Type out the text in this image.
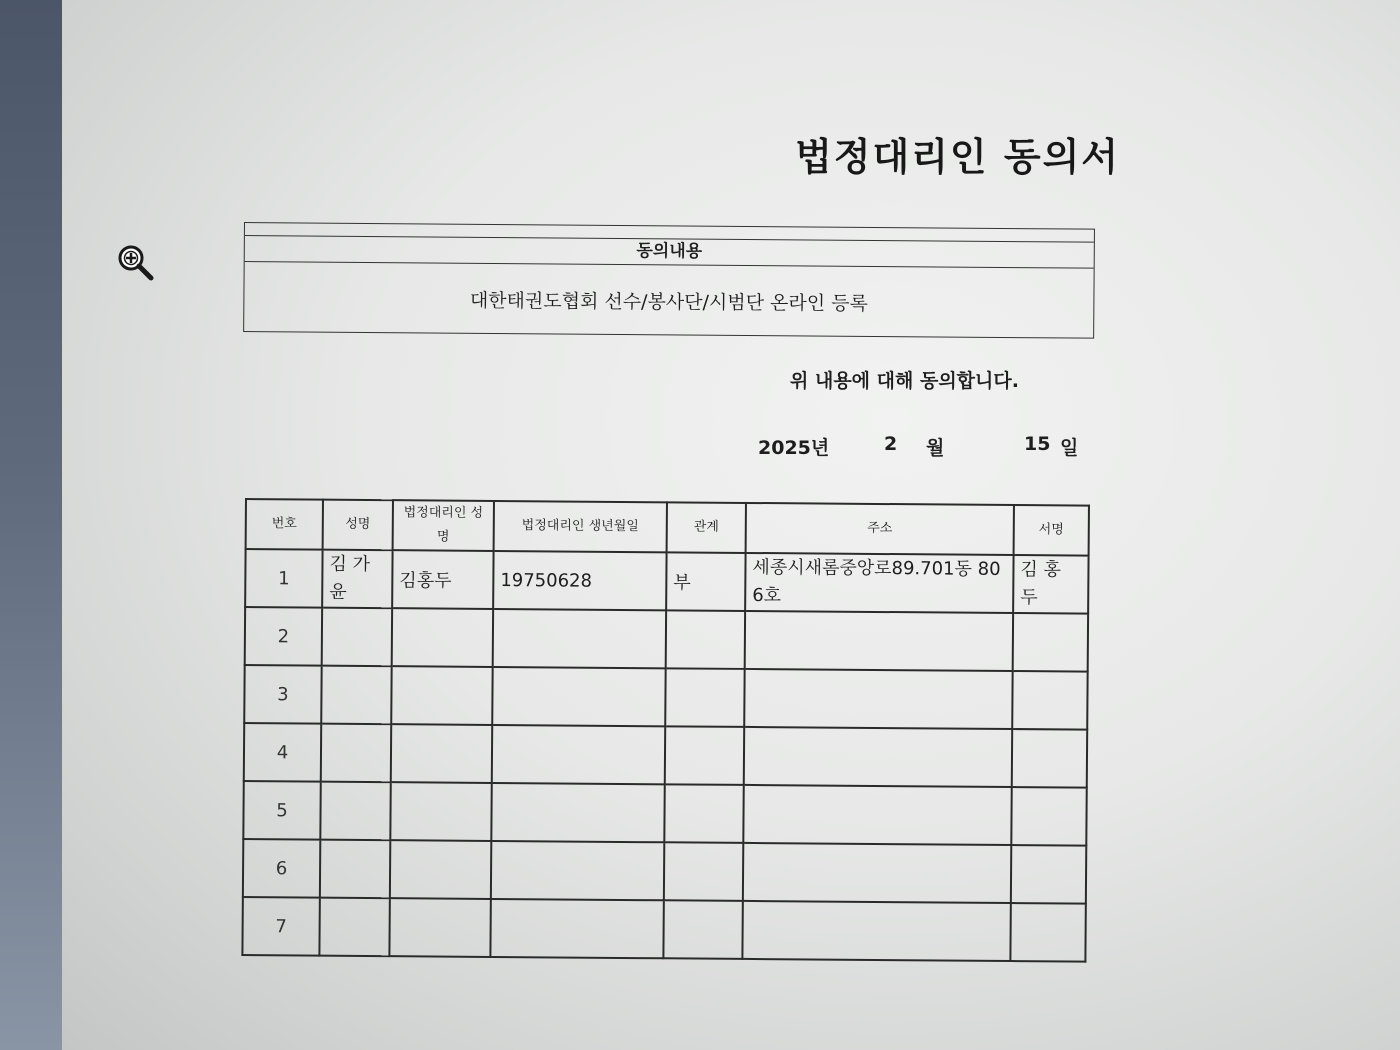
법정대리인 동의서
동의내용
대한태권도협회 선수/봉사단/시범단 온라인 등록
위 내용에 대해 동의합니다.
2025년	2 월	15 일
번호	성명	법정대리인 성명	법정대리인 생년월일	관계	주소	서명
1	김 가 윤	김홍두	19750628	부	세종시새롬중앙로89.701동 806호	김 홍 두
2						
3						
4						
5						
6						
7						
